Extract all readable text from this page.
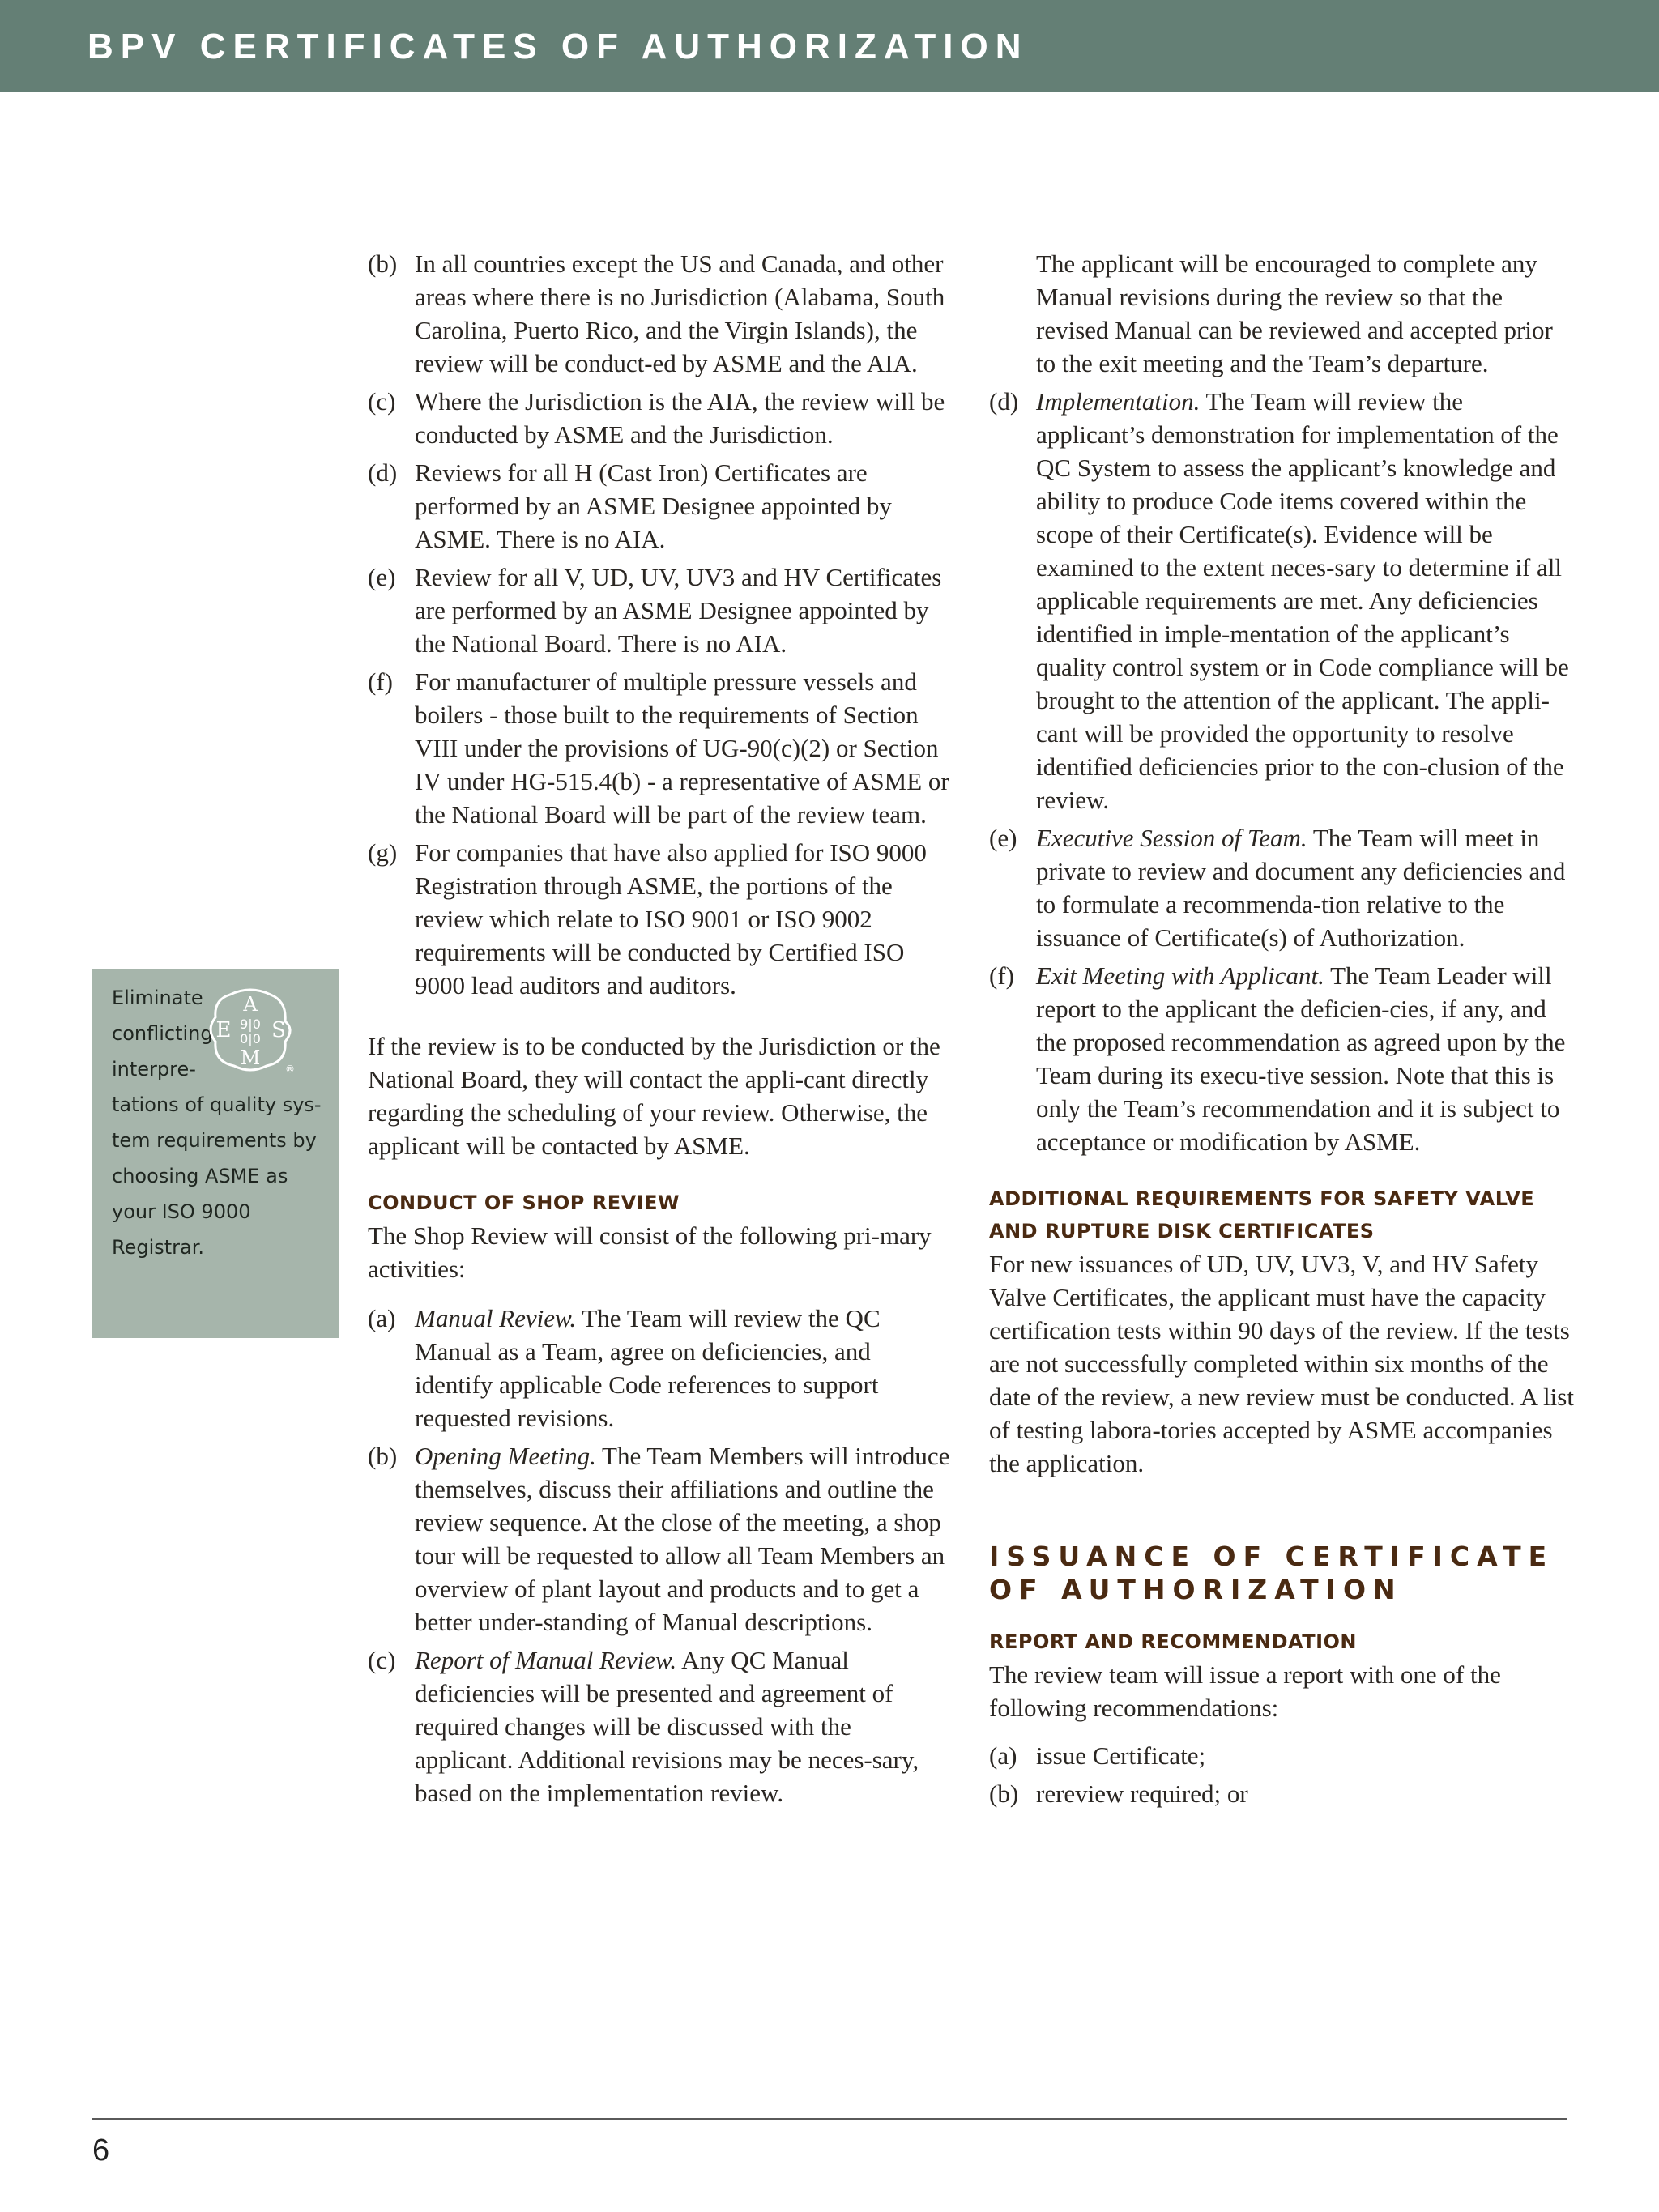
BPV CERTIFICATES OF AUTHORIZATION
Eliminate
conflicting
interpre-
tations of quality sys-
tem requirements by
choosing ASME as
your ISO 9000
Registrar.
A
E S
M
9|0
0|0
®
(b) In all countries except the US and Canada, and other areas where there is no Jurisdiction (Alabama, South Carolina, Puerto Rico, and the Virgin Islands), the review will be conduct-ed by ASME and the AIA.
(c) Where the Jurisdiction is the AIA, the review will be conducted by ASME and the Jurisdiction.
(d) Reviews for all H (Cast Iron) Certificates are performed by an ASME Designee appointed by ASME. There is no AIA.
(e) Review for all V, UD, UV, UV3 and HV Certificates are performed by an ASME Designee appointed by the National Board. There is no AIA.
(f) For manufacturer of multiple pressure vessels and boilers - those built to the requirements of Section VIII under the provisions of UG-90(c)(2) or Section IV under HG-515.4(b) - a representative of ASME or the National Board will be part of the review team.
(g) For companies that have also applied for ISO 9000 Registration through ASME, the portions of the review which relate to ISO 9001 or ISO 9002 requirements will be conducted by Certified ISO 9000 lead auditors and auditors.

If the review is to be conducted by the Jurisdiction or the National Board, they will contact the appli-cant directly regarding the scheduling of your review. Otherwise, the applicant will be contacted by ASME.

CONDUCT OF SHOP REVIEW

The Shop Review will consist of the following pri-mary activities:

(a) Manual Review. The Team will review the QC Manual as a Team, agree on deficiencies, and identify applicable Code references to support requested revisions.
(b) Opening Meeting. The Team Members will introduce themselves, discuss their affiliations and outline the review sequence. At the close of the meeting, a shop tour will be requested to allow all Team Members an overview of plant layout and products and to get a better under-standing of Manual descriptions.
(c) Report of Manual Review. Any QC Manual deficiencies will be presented and agreement of required changes will be discussed with the applicant. Additional revisions may be neces-sary, based on the implementation review.

The applicant will be encouraged to complete any Manual revisions during the review so that the revised Manual can be reviewed and accepted prior to the exit meeting and the Team’s departure.

(d) Implementation. The Team will review the applicant’s demonstration for implementation of the QC System to assess the applicant’s knowledge and ability to produce Code items covered within the scope of their Certificate(s). Evidence will be examined to the extent neces-sary to determine if all applicable requirements are met. Any deficiencies identified in imple-mentation of the applicant’s quality control system or in Code compliance will be brought to the attention of the applicant. The appli-cant will be provided the opportunity to resolve identified deficiencies prior to the con-clusion of the review.
(e) Executive Session of Team. The Team will meet in private to review and document any deficiencies and to formulate a recommenda-tion relative to the issuance of Certificate(s) of Authorization.
(f) Exit Meeting with Applicant. The Team Leader will report to the applicant the deficien-cies, if any, and the proposed recommendation as agreed upon by the Team during its execu-tive session. Note that this is only the Team’s recommendation and it is subject to acceptance or modification by ASME.

ADDITIONAL REQUIREMENTS FOR SAFETY VALVE AND RUPTURE DISK CERTIFICATES

For new issuances of UD, UV, UV3, V, and HV Safety Valve Certificates, the applicant must have the capacity certification tests within 90 days of the review. If the tests are not successfully completed within six months of the date of the review, a new review must be conducted. A list of testing labora-tories accepted by ASME accompanies the application.

ISSUANCE OF CERTIFICATE

OF AUTHORIZATION

REPORT AND RECOMMENDATION

The review team will issue a report with one of the following recommendations:

(a) issue Certificate;
(b) rereview required; or
6
